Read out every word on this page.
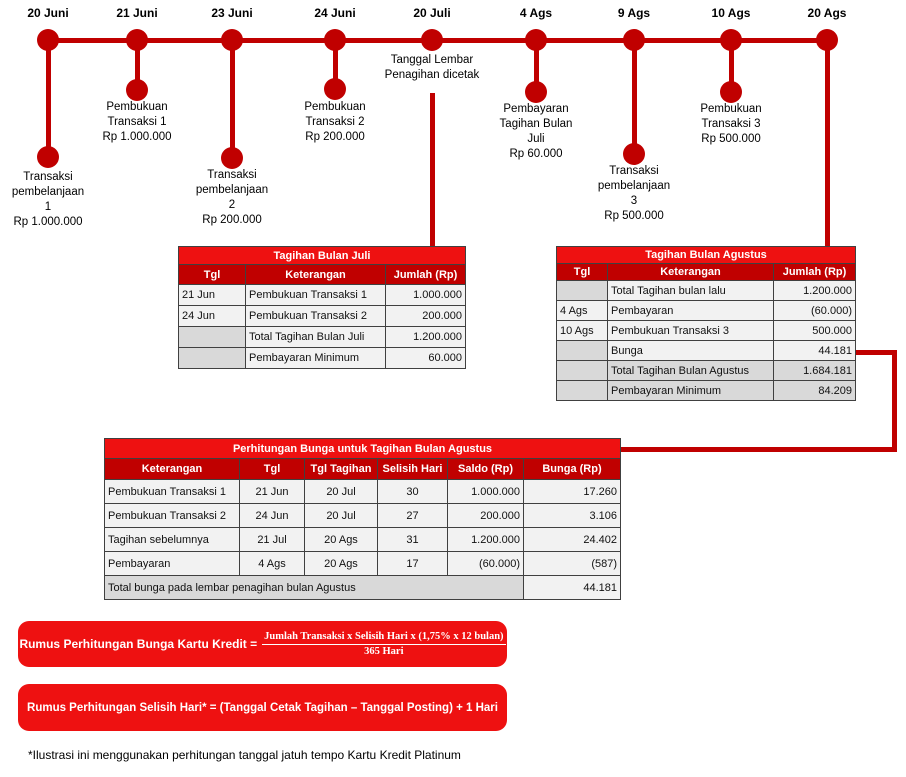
20 Juni
Transaksi
pembelanjaan
1
Rp 1.000.000
21 Juni
Pembukuan
Transaksi 1
Rp 1.000.000
23 Juni
Transaksi
pembelanjaan
2
Rp 200.000
24 Juni
Pembukuan
Transaksi 2
Rp 200.000
20 Juli
Tanggal Lembar
Penagihan dicetak
4 Ags
Pembayaran
Tagihan Bulan
Juli
Rp 60.000
9 Ags
Transaksi
pembelanjaan
3
Rp 500.000
10 Ags
Pembukuan
Transaksi 3
Rp 500.000
20 Ags
Tagihan Bulan Juli		
Tgl	Keterangan	Jumlah (Rp)
21 Jun	Pembukuan Transaksi 1	1.000.000
24 Jun	Pembukuan Transaksi 2	200.000
	Total Tagihan Bulan Juli	1.200.000
	Pembayaran Minimum	60.000
Tagihan Bulan Agustus		
Tgl	Keterangan	Jumlah (Rp)
	Total Tagihan bulan lalu	1.200.000
4 Ags	Pembayaran	(60.000)
10 Ags	Pembukuan Transaksi 3	500.000
	Bunga	44.181
	Total Tagihan Bulan Agustus	1.684.181
	Pembayaran Minimum	84.209
Perhitungan Bunga untuk Tagihan Bulan Agustus					
Keterangan	Tgl	Tgl Tagihan	Selisih Hari	Saldo (Rp)	Bunga (Rp)
Pembukuan Transaksi 1	21 Jun	20 Jul	30	1.000.000	17.260
Pembukuan Transaksi 2	24 Jun	20 Jul	27	200.000	3.106
Tagihan sebelumnya	21 Jul	20 Ags	31	1.200.000	24.402
Pembayaran	4 Ags	20 Ags	17	(60.000)	(587)
Total bunga pada lembar penagihan bulan Agustus					44.181
Rumus Perhitungan Bunga Kartu Kredit = $\frac{\text{Jumlah Transaksi x Selisih Hari x (1,75\% x 12 bulan)}}{\text{365 Hari}}$
Rumus Perhitungan Selisih Hari* = (Tanggal Cetak Tagihan – Tanggal Posting) + 1 Hari
*Ilustrasi ini menggunakan perhitungan tanggal jatuh tempo Kartu Kredit Platinum
